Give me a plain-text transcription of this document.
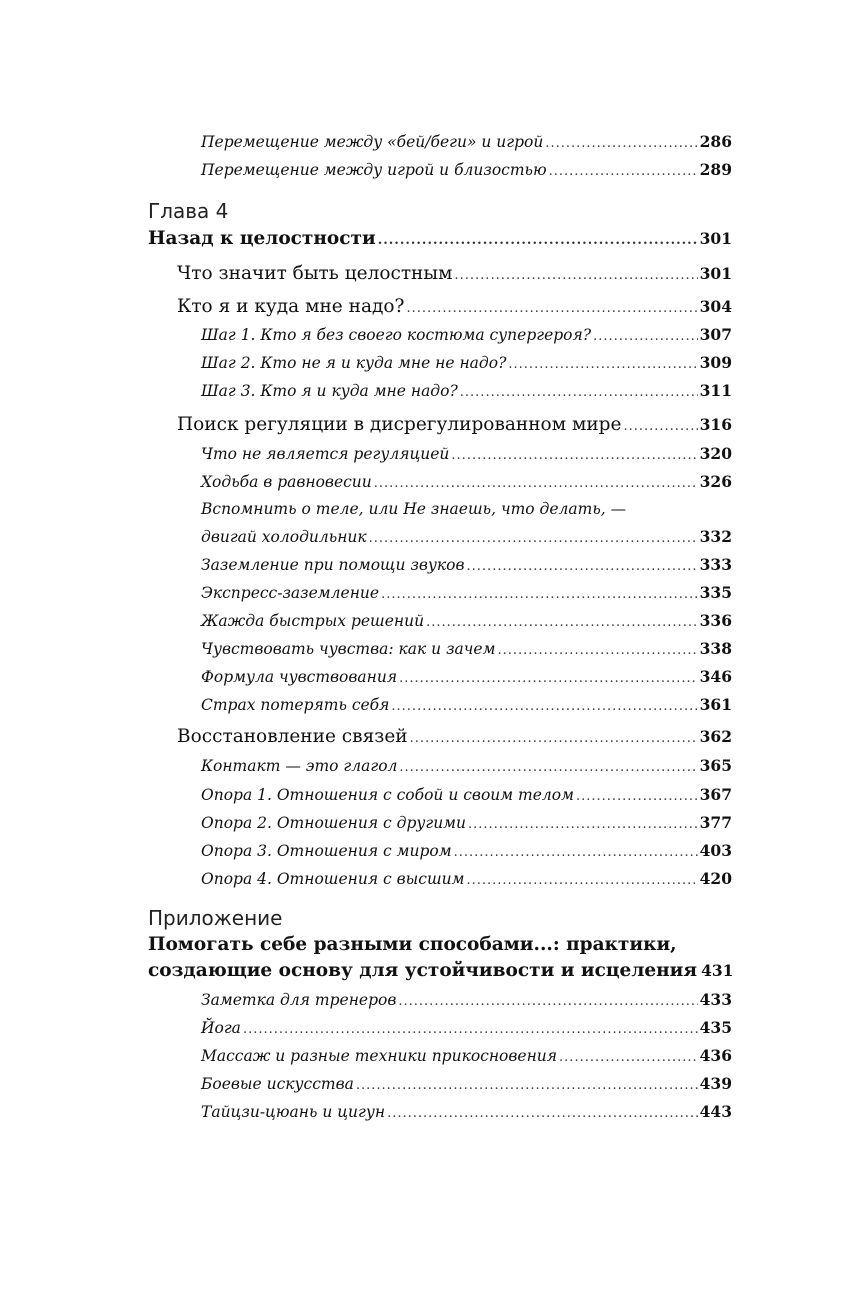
Перемещение между «бей/беги» и игрой .....	286
Перемещение между игрой и близостью .....	289
Глава 4
Назад к целостности .....	301
Что значит быть целостным .....	301
Кто я и куда мне надо? .....	304
Шаг 1. Кто я без своего костюма супергероя? .....	307
Шаг 2. Кто не я и куда мне не надо? .....	309
Шаг 3. Кто я и куда мне надо? .....	311
Поиск регуляции в дисрегулированном мире .....	316
Что не является регуляцией .....	320
Ходьба в равновесии .....	326
Вспомнить о теле, или Не знаешь, что делать, —
двигай холодильник .....	332
Заземление при помощи звуков .....	333
Экспресс-заземление .....	335
Жажда быстрых решений .....	336
Чувствовать чувства: как и зачем .....	338
Формула чувствования .....	346
Страх потерять себя .....	361
Восстановление связей .....	362
Контакт — это глагол .....	365
Опора 1. Отношения с собой и своим телом .....	367
Опора 2. Отношения с другими .....	377
Опора 3. Отношения с миром .....	403
Опора 4. Отношения с высшим .....	420
Приложение
Помогать себе разными способами...: практики,
создающие основу для устойчивости и исцеления 431
Заметка для тренеров .....	433
Йога .....	435
Массаж и разные техники прикосновения .....	436
Боевые искусства .....	439
Тайцзи-цюань и цигун .....	443
